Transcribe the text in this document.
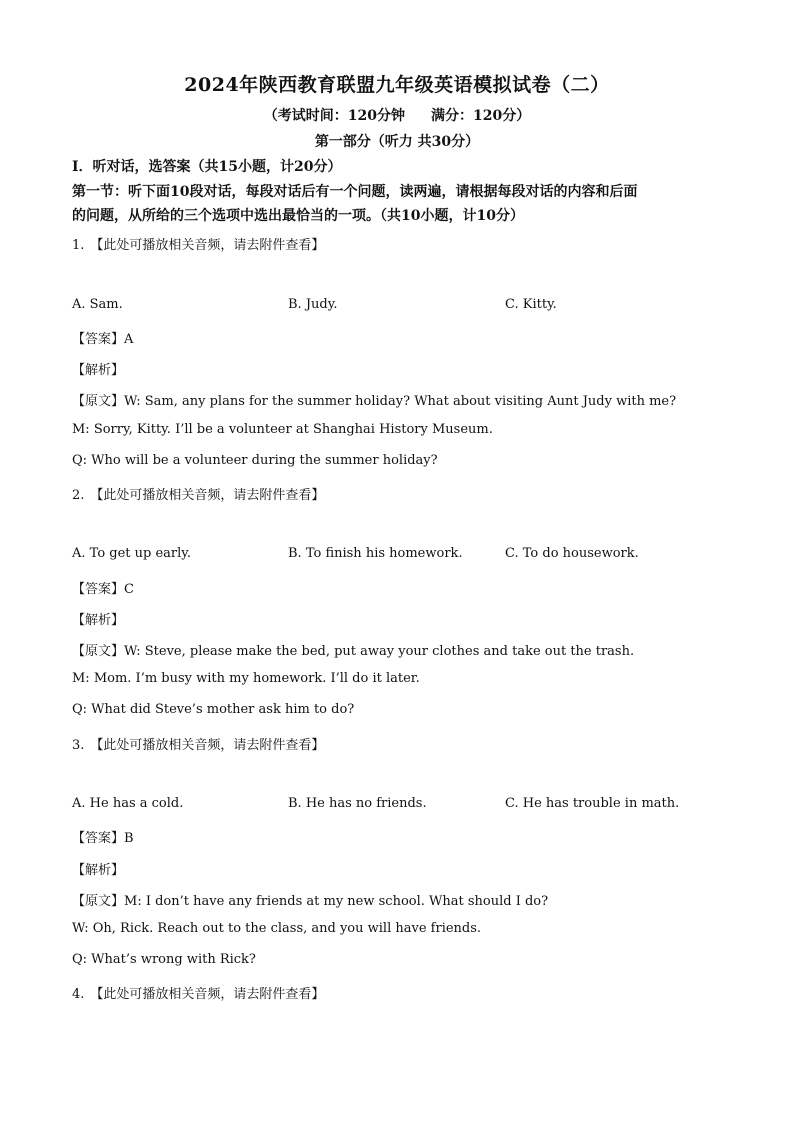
2024年陕西教育联盟九年级英语模拟试卷（二）
（考试时间：120分钟 满分：120分）
第一部分（听力 共30分）
Ⅰ．听对话，选答案（共15小题，计20分）
第一节：听下面10段对话，每段对话后有一个问题，读两遍，请根据每段对话的内容和后面
的问题，从所给的三个选项中选出最恰当的一项。（共10小题，计10分）
1. 【此处可播放相关音频，请去附件查看】
A. Sam.	B. Judy.	C. Kitty.
【答案】A
【解析】
【原文】W: Sam, any plans for the summer holiday? What about visiting Aunt Judy with me?
M: Sorry, Kitty. I’ll be a volunteer at Shanghai History Museum.
Q: Who will be a volunteer during the summer holiday?
2. 【此处可播放相关音频，请去附件查看】
A. To get up early.	B. To finish his homework.	C. To do housework.
【答案】C
【解析】
【原文】W: Steve, please make the bed, put away your clothes and take out the trash.
M: Mom. I’m busy with my homework. I’ll do it later.
Q: What did Steve’s mother ask him to do?
3. 【此处可播放相关音频，请去附件查看】
A. He has a cold.	B. He has no friends.	C. He has trouble in math.
【答案】B
【解析】
【原文】M: I don’t have any friends at my new school. What should I do?
W: Oh, Rick. Reach out to the class, and you will have friends.
Q: What’s wrong with Rick?
4. 【此处可播放相关音频，请去附件查看】
